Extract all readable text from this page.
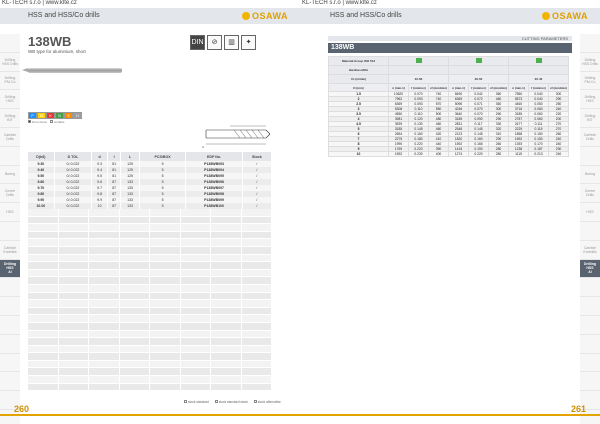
KL-TECH s.r.o | www.klte.cz
HSS and HSS/Co drills	OSAWA
Drilling
HSS Drills
Drilling
PM-Co
Drilling
HSS
Drilling
BIT
Carbide
Drills
Boring
Centre
Drills
HSS
Carbide
Endmills
Drilling
HSS
Al
138WB
WB type for aluminium, short
DIN	⊘	▥	✦
P	M	K	N	S	H
First choice	suitable
d
D(h8)	D TOL	d	l	L	PCS/BOX	EDP No.	Stock
9.30	0/-0.022	9.3	81	125	5	P138WB093	/
9.40	0/-0.022	9.4	81	125	5	P138WB094	/
9.50	0/-0.022	9.5	81	125	5	P138WB095	/
9.60	0/-0.022	9.6	87	133	5	P138WB096	/
9.70	0/-0.022	9.7	87	133	5	P138WB097	/
9.80	0/-0.022	9.8	87	133	5	P138WB098	/
9.90	0/-0.022	9.9	87	133	5	P138WB099	/
10.00	0/-0.022	10	87	133	5	P138WB100	/
stock standard	stock standard stock	stock alternative
260
KL-TECH s.r.o | www.klte.cz
HSS and HSS/Co drills	OSAWA
Drilling
HSS Drills
Drilling
PM-Co
Drilling
HSS
Drilling
BIT
Carbide
Drills
Boring
Centre
Drills
HSS
Carbide
Endmills
Drilling
HSS
Al
CUTTING PARAMETERS
138WB
261
Material Group ISO 513									
Hardness/Rm									
Vc (m/min)	40-60			30-50			20-40		
D (mm)	n (min-1)	f (mm/rev)	vf (mm/min)	n (min-1)	f (mm/rev)	vf (mm/min)	n (min-1)	f (mm/rev)	vf (mm/min)
1.5	10620	0.070	740	8490	0.042	360	7560	0.040	300
2	7962	0.093	740	6369	0.072	460	5573	0.040	290
2.5	6369	0.093	570	5096	0.071	360	4460	0.050	250
3	5308	0.110	550	4246	0.070	300	3716	0.060	240
3.5	4550	0.110	500	3640	0.070	260	3185	0.060	220
4	3981	0.120	480	3185	0.090	290	2787	0.060	200
4.5	3539	0.130	460	2831	0.117	330	2477	0.111	270
5	3185	0.145	460	2548	0.145	320	2229	0.115	270
6	2654	0.160	420	2123	0.145	310	1858	0.150	260
7	2275	0.180	410	1820	0.160	290	1592	0.150	240
8	1990	0.220	440	1592	0.165	260	1393	0.170	240
9	1769	0.220	390	1415	0.190	280	1238	0.187	230
10	1592	0.230	400	1274	0.220	280	1115	0.213	240
